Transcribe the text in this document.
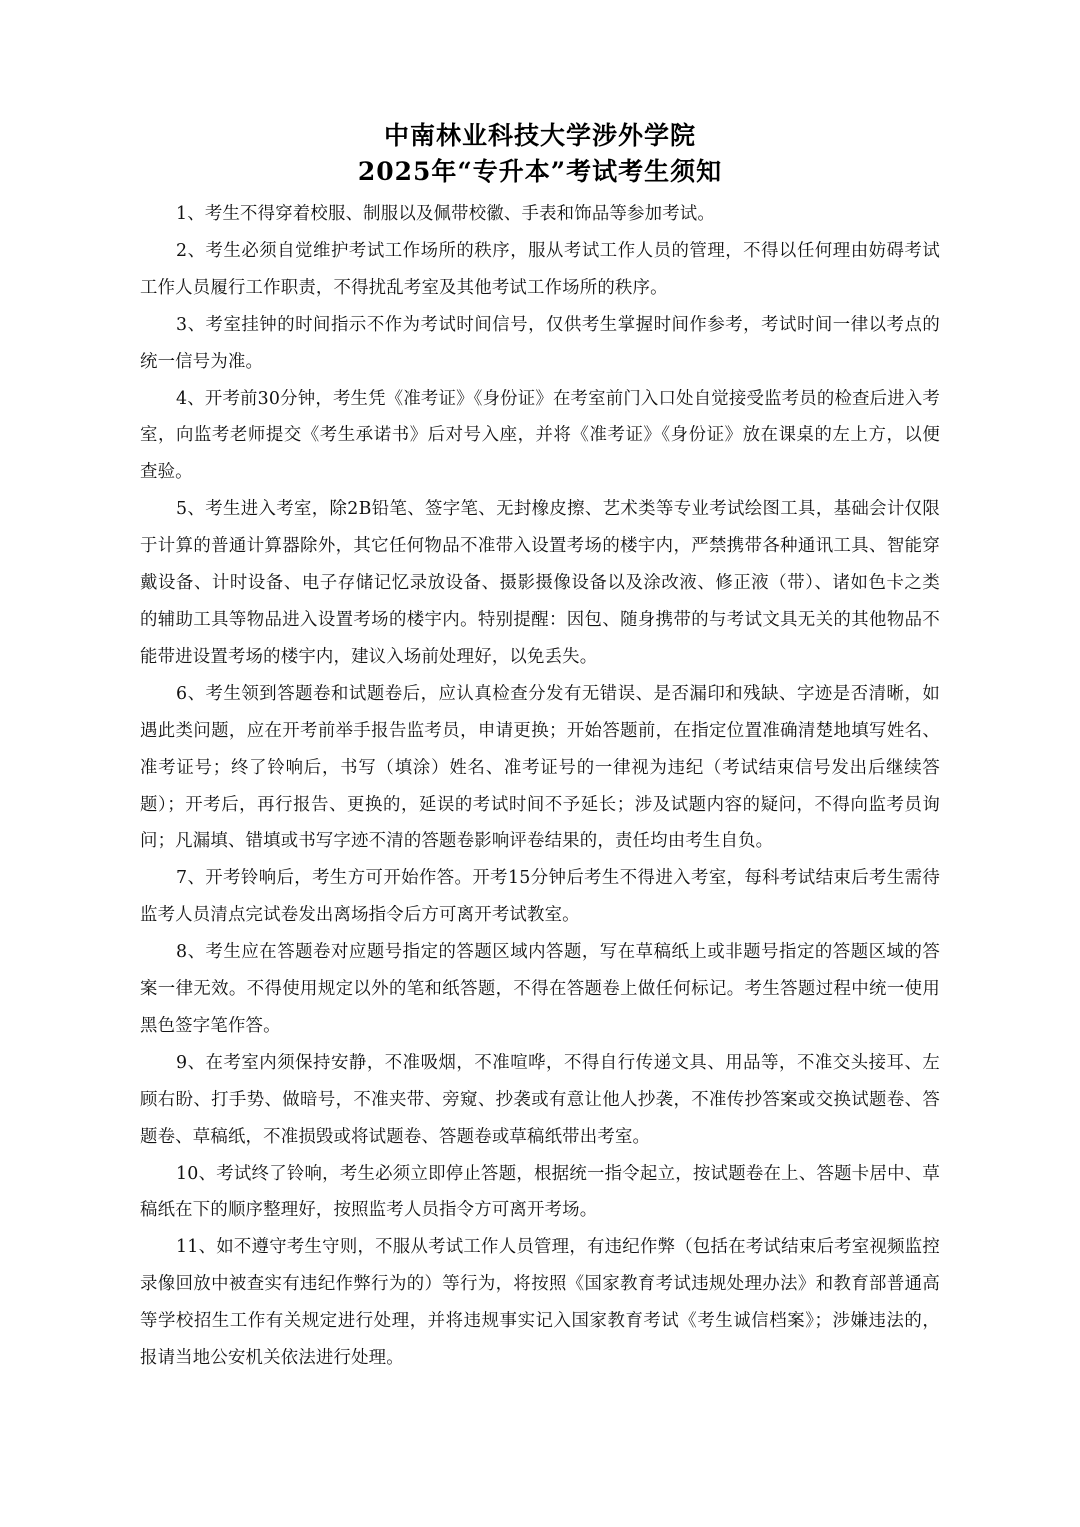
中南林业科技大学涉外学院
2025年“专升本”考试考生须知

1、考生不得穿着校服、制服以及佩带校徽、手表和饰品等参加考试。

2、考生必须自觉维护考试工作场所的秩序，服从考试工作人员的管理，不得以任何理由妨碍考试工作人员履行工作职责，不得扰乱考室及其他考试工作场所的秩序。

3、考室挂钟的时间指示不作为考试时间信号，仅供考生掌握时间作参考，考试时间一律以考点的统一信号为准。

4、开考前30分钟，考生凭《准考证》《身份证》在考室前门入口处自觉接受监考员的检查后进入考室，向监考老师提交《考生承诺书》后对号入座，并将《准考证》《身份证》放在课桌的左上方，以便查验。

5、考生进入考室，除2B铅笔、签字笔、无封橡皮擦、艺术类等专业考试绘图工具，基础会计仅限于计算的普通计算器除外，其它任何物品不准带入设置考场的楼宇内，严禁携带各种通讯工具、智能穿戴设备、计时设备、电子存储记忆录放设备、摄影摄像设备以及涂改液、修正液（带）、诸如色卡之类的辅助工具等物品进入设置考场的楼宇内。特别提醒：因包、随身携带的与考试文具无关的其他物品不能带进设置考场的楼宇内，建议入场前处理好，以免丢失。

6、考生领到答题卷和试题卷后，应认真检查分发有无错误、是否漏印和残缺、字迹是否清晰，如遇此类问题，应在开考前举手报告监考员，申请更换；开始答题前，在指定位置准确清楚地填写姓名、准考证号；终了铃响后，书写（填涂）姓名、准考证号的一律视为违纪（考试结束信号发出后继续答题）；开考后，再行报告、更换的，延误的考试时间不予延长；涉及试题内容的疑问，不得向监考员询问；凡漏填、错填或书写字迹不清的答题卷影响评卷结果的，责任均由考生自负。

7、开考铃响后，考生方可开始作答。开考15分钟后考生不得进入考室，每科考试结束后考生需待监考人员清点完试卷发出离场指令后方可离开考试教室。

8、考生应在答题卷对应题号指定的答题区域内答题，写在草稿纸上或非题号指定的答题区域的答案一律无效。不得使用规定以外的笔和纸答题，不得在答题卷上做任何标记。考生答题过程中统一使用黑色签字笔作答。

9、在考室内须保持安静，不准吸烟，不准喧哗，不得自行传递文具、用品等，不准交头接耳、左顾右盼、打手势、做暗号，不准夹带、旁窥、抄袭或有意让他人抄袭，不准传抄答案或交换试题卷、答题卷、草稿纸，不准损毁或将试题卷、答题卷或草稿纸带出考室。

10、考试终了铃响，考生必须立即停止答题，根据统一指令起立，按试题卷在上、答题卡居中、草稿纸在下的顺序整理好，按照监考人员指令方可离开考场。

11、如不遵守考生守则，不服从考试工作人员管理，有违纪作弊（包括在考试结束后考室视频监控录像回放中被查实有违纪作弊行为的）等行为，将按照《国家教育考试违规处理办法》和教育部普通高等学校招生工作有关规定进行处理，并将违规事实记入国家教育考试《考生诚信档案》；涉嫌违法的，报请当地公安机关依法进行处理。
